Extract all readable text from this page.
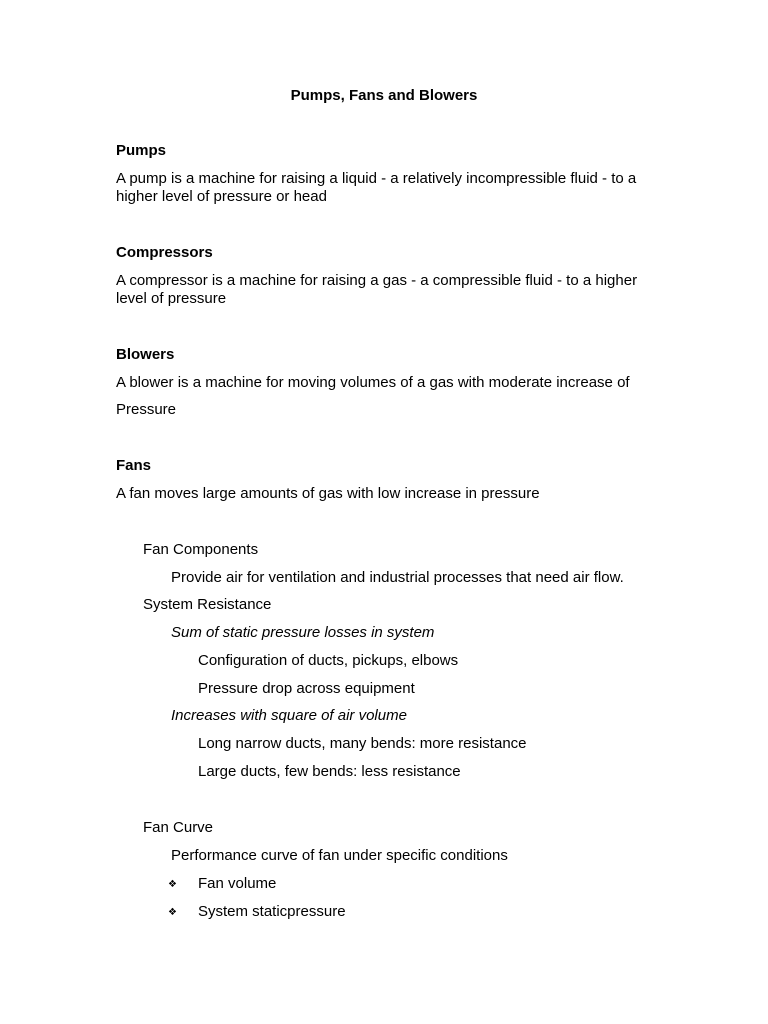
Pumps, Fans and Blowers
Pumps
A pump is a machine for raising a liquid - a relatively incompressible fluid - to a
higher level of pressure or head
Compressors
A compressor is a machine for raising a gas - a compressible fluid - to a higher
level of pressure
Blowers
A blower is a machine for moving volumes of a gas with moderate increase of
Pressure
Fans
A fan moves large amounts of gas with low increase in pressure
Fan Components
Provide air for ventilation and industrial processes that need air flow.
System Resistance
Sum of static pressure losses in system
Configuration of ducts, pickups, elbows
Pressure drop across equipment
Increases with square of air volume
Long narrow ducts, many bends: more resistance
Large ducts, few bends: less resistance
Fan Curve
Performance curve of fan under specific conditions
❖ Fan volume
❖ System staticpressure
